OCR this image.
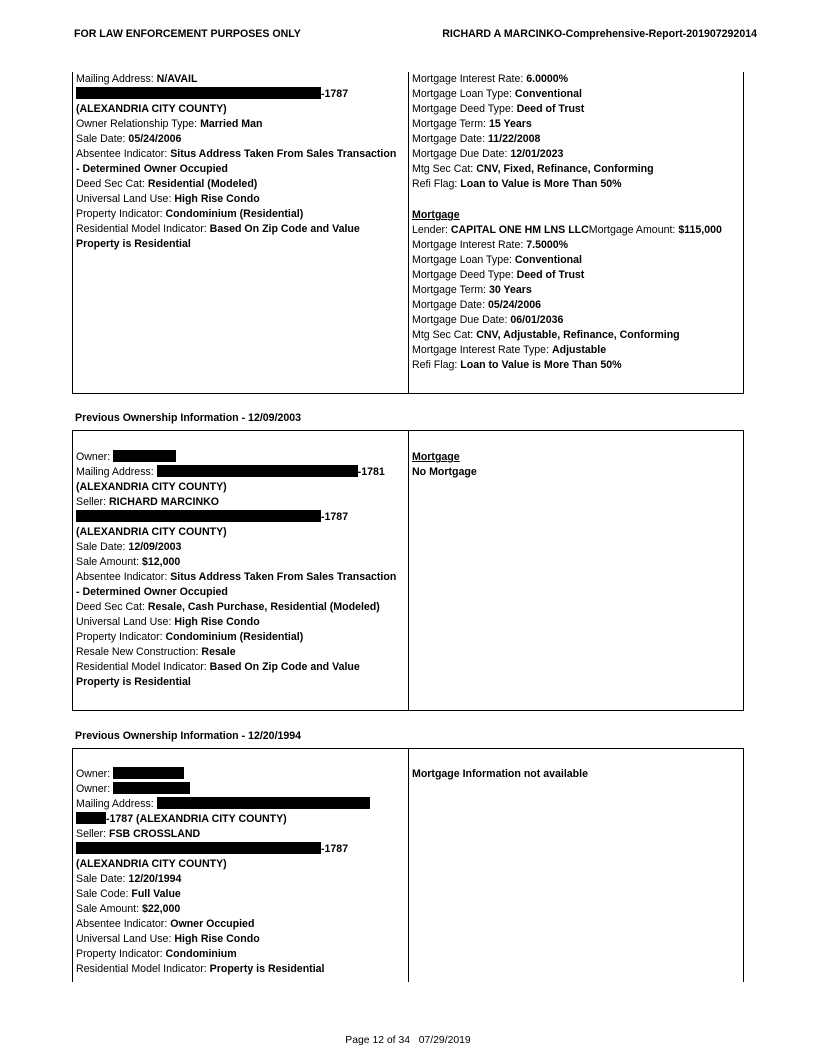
FOR LAW ENFORCEMENT PURPOSES ONLY	RICHARD A MARCINKO-Comprehensive-Report-201907292014
Mailing Address: N/AVAIL
-1787
(ALEXANDRIA CITY COUNTY)
Owner Relationship Type: Married Man
Sale Date: 05/24/2006
Absentee Indicator: Situs Address Taken From Sales Transaction
- Determined Owner Occupied
Deed Sec Cat: Residential (Modeled)
Universal Land Use: High Rise Condo
Property Indicator: Condominium (Residential)
Residential Model Indicator: Based On Zip Code and Value
Property is Residential
Mortgage Interest Rate: 6.0000%
Mortgage Loan Type: Conventional
Mortgage Deed Type: Deed of Trust
Mortgage Term: 15 Years
Mortgage Date: 11/22/2008
Mortgage Due Date: 12/01/2023
Mtg Sec Cat: CNV, Fixed, Refinance, Conforming
Refi Flag: Loan to Value is More Than 50%
Mortgage
Lender: CAPITAL ONE HM LNS LLCMortgage Amount: $115,000
Mortgage Interest Rate: 7.5000%
Mortgage Loan Type: Conventional
Mortgage Deed Type: Deed of Trust
Mortgage Term: 30 Years
Mortgage Date: 05/24/2006
Mortgage Due Date: 06/01/2036
Mtg Sec Cat: CNV, Adjustable, Refinance, Conforming
Mortgage Interest Rate Type: Adjustable
Refi Flag: Loan to Value is More Than 50%
Previous Ownership Information - 12/09/2003
Owner:
Mailing Address:	-1781
(ALEXANDRIA CITY COUNTY)
Seller: RICHARD MARCINKO
-1787
(ALEXANDRIA CITY COUNTY)
Sale Date: 12/09/2003
Sale Amount: $12,000
Absentee Indicator: Situs Address Taken From Sales Transaction
- Determined Owner Occupied
Deed Sec Cat: Resale, Cash Purchase, Residential (Modeled)
Universal Land Use: High Rise Condo
Property Indicator: Condominium (Residential)
Resale New Construction: Resale
Residential Model Indicator: Based On Zip Code and Value
Property is Residential
Mortgage
No Mortgage
Previous Ownership Information - 12/20/1994
Owner:
Owner:
Mailing Address:
-1787 (ALEXANDRIA CITY COUNTY)
Seller: FSB CROSSLAND
-1787
(ALEXANDRIA CITY COUNTY)
Sale Date: 12/20/1994
Sale Code: Full Value
Sale Amount: $22,000
Absentee Indicator: Owner Occupied
Universal Land Use: High Rise Condo
Property Indicator: Condominium
Residential Model Indicator: Property is Residential
Mortgage Information not available
Page 12 of 34 07/29/2019
